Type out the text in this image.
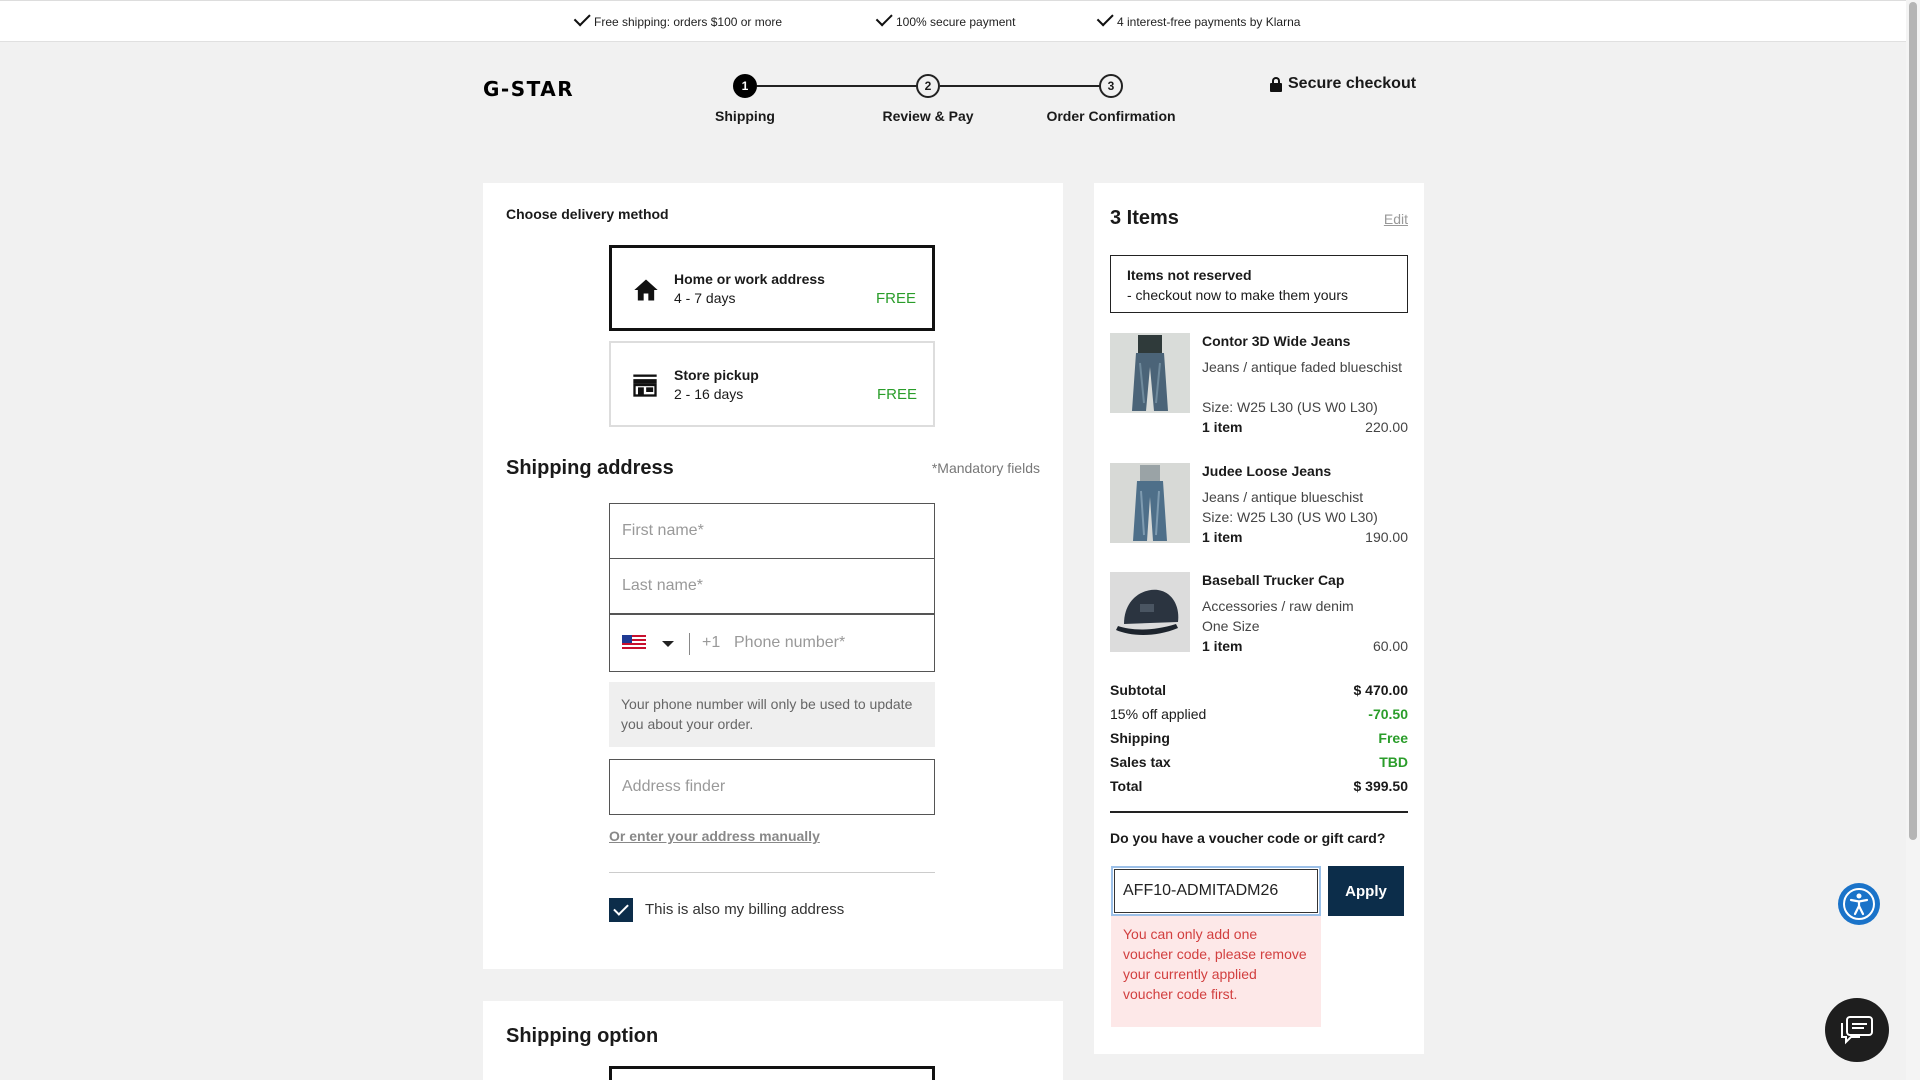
Free shipping: orders $100 or more	100% secure payment	4 interest-free payments by Klarna
G-STAR	1	2	3
Shipping	Review & Pay	Order Confirmation
Secure checkout
Choose delivery method
Home or work address
4 - 7 days	FREE
Store pickup
2 - 16 days	FREE
Shipping address	*Mandatory fields
First name*
Last name*
+1
Phone number*
Your phone number will only be used to update you about your order.
Address finder
Or enter your address manually
This is also my billing address
Shipping option
3 Items	Edit
Items not reserved
- checkout now to make them yours
Contor 3D Wide Jeans
Jeans / antique faded blueschist
Size: W25 L30 (US W0 L30)
1 item	220.00
Judee Loose Jeans
Jeans / antique blueschist
Size: W25 L30 (US W0 L30)
1 item	190.00
Baseball Trucker Cap
Accessories / raw denim
One Size
1 item	60.00
Subtotal	$ 470.00
15% off applied	-70.50
Shipping	Free
Sales tax	TBD
Total	$ 399.50
Do you have a voucher code or gift card?
AFF10-ADMITADM26
Apply
You can only add one voucher code, please remove your currently applied voucher code first.
